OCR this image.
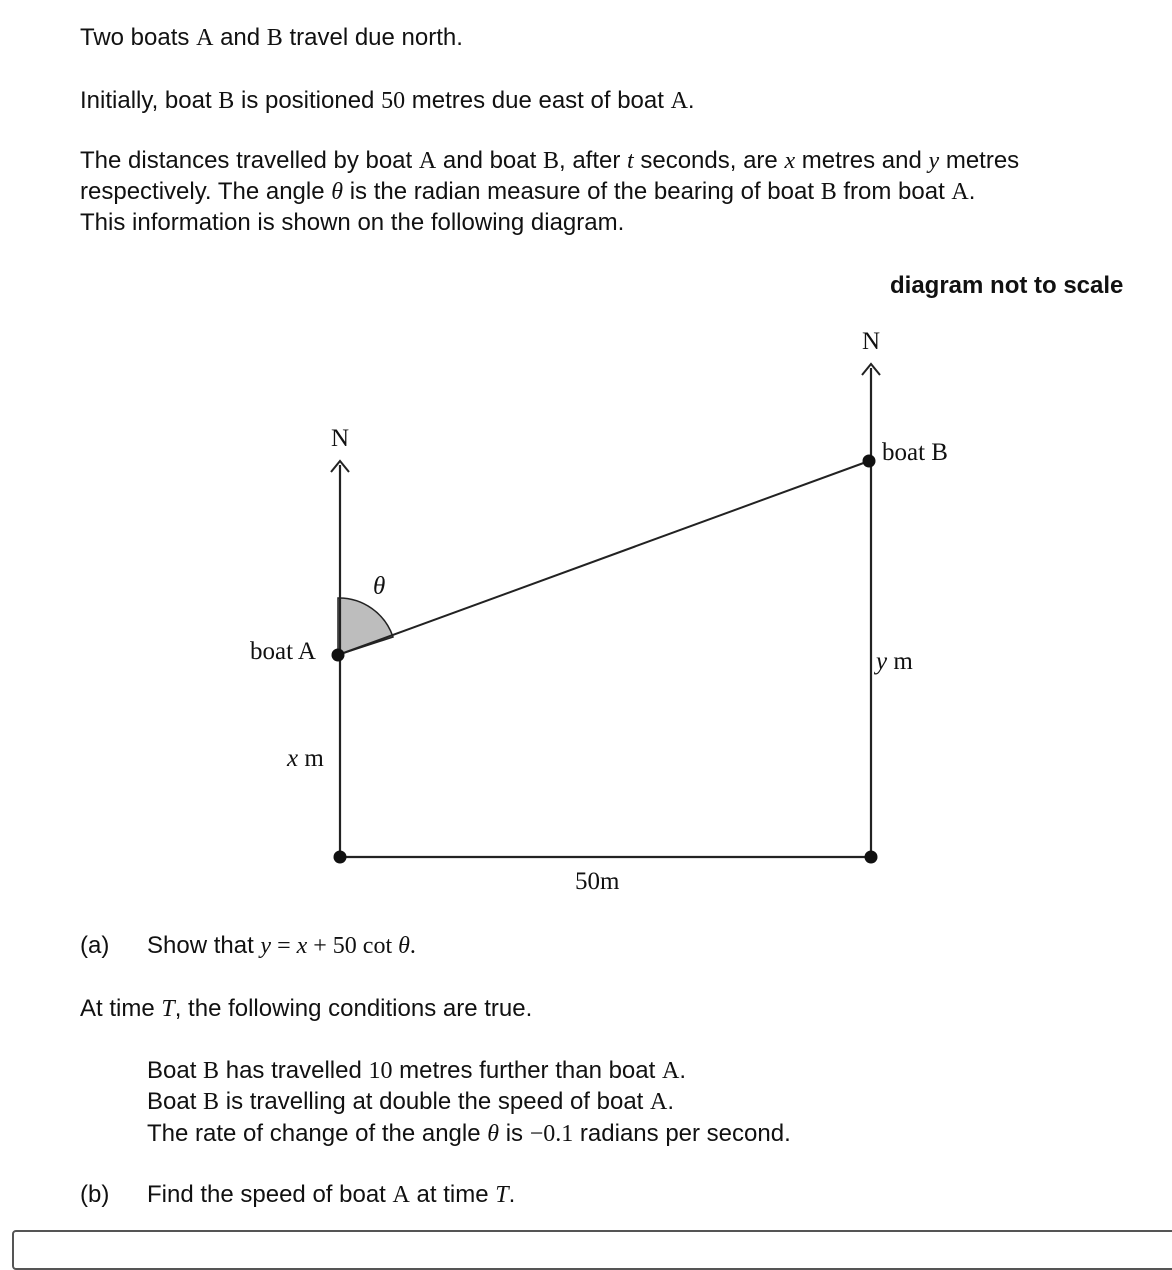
Two boats A and B travel due north.

Initially, boat B is positioned 50 metres due east of boat A.

The distances travelled by boat A and boat B, after t seconds, are x metres and y metres

respectively. The angle θ is the radian measure of the bearing of boat B from boat A.

This information is shown on the following diagram.

diagram not to scale

N
N
boat B
boat A
θ
y m
x m
50m

(a) Show that y = x + 50 cot θ.

At time T, the following conditions are true.

Boat B has travelled 10 metres further than boat A.

Boat B is travelling at double the speed of boat A.

The rate of change of the angle θ is −0.1 radians per second.

(b) Find the speed of boat A at time T.
